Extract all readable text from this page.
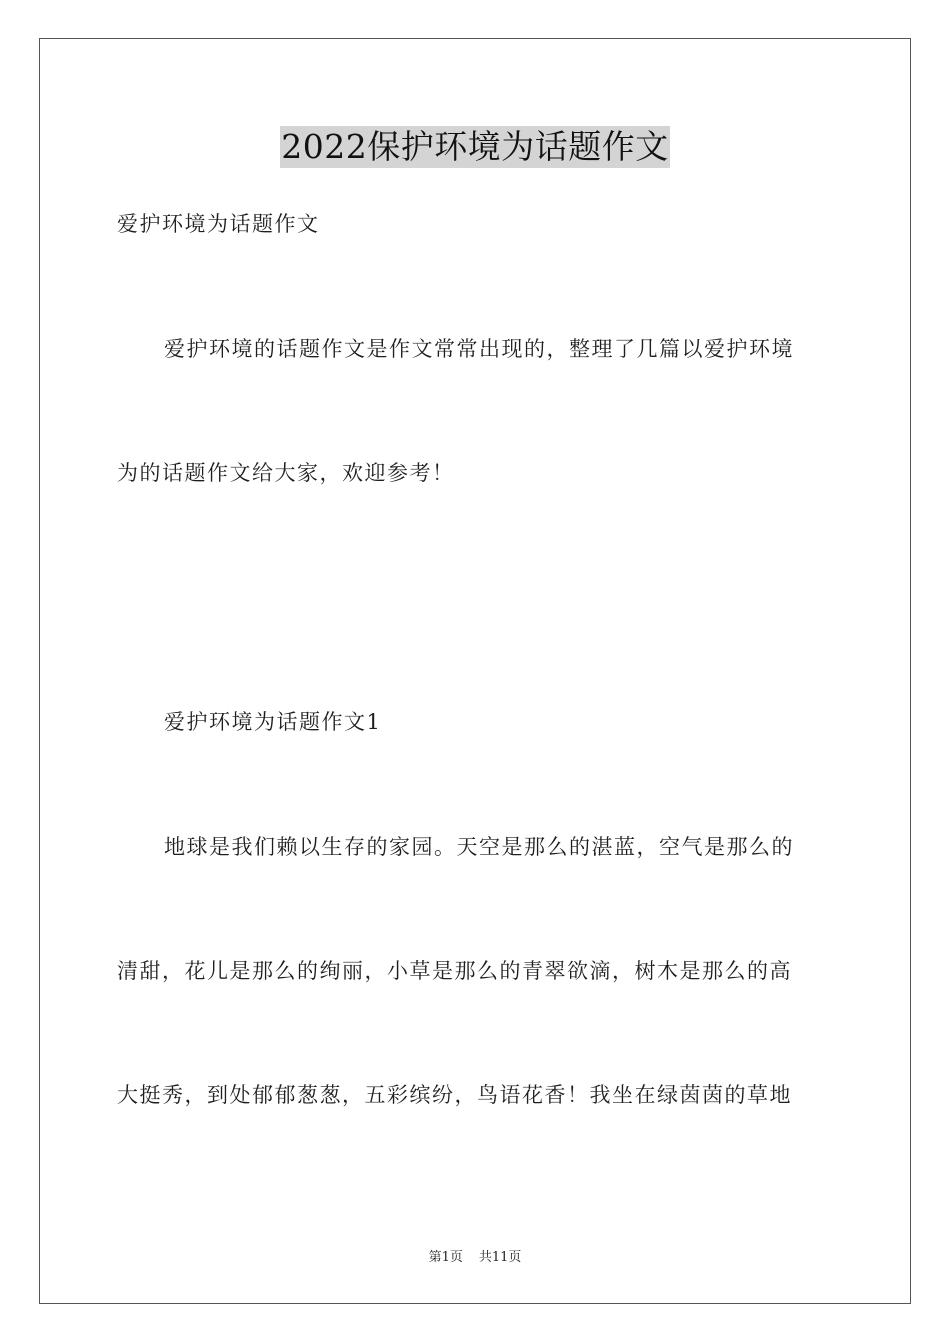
2022保护环境为话题作文
爱护环境为话题作文
爱护环境的话题作文是作文常常出现的，整理了几篇以爱护环境
为的话题作文给大家，欢迎参考！
爱护环境为话题作文1
地球是我们赖以生存的家园。天空是那么的湛蓝，空气是那么的
清甜，花儿是那么的绚丽，小草是那么的青翠欲滴，树木是那么的高
大挺秀，到处郁郁葱葱，五彩缤纷，鸟语花香！我坐在绿茵茵的草地
第1页 共11页
